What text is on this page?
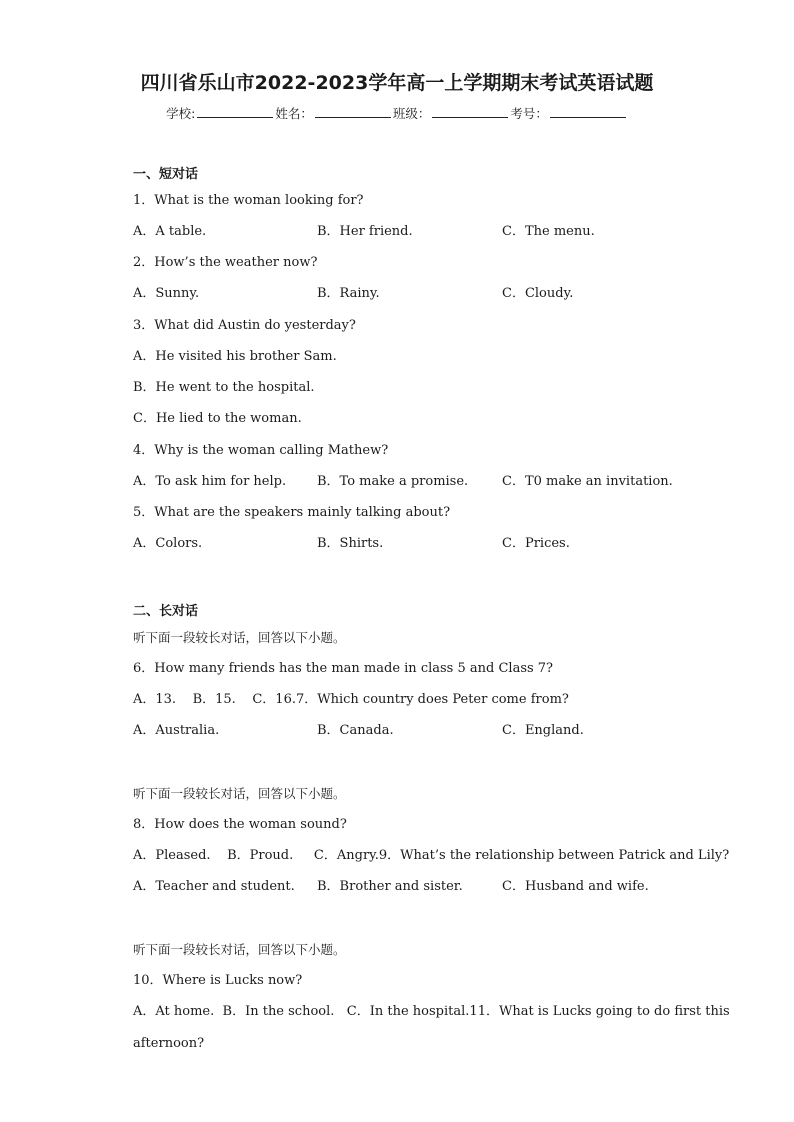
四川省乐山市2022-2023学年高一上学期期末考试英语试题
学校:	姓名：	班级：	考号：
一、短对话
1．What is the woman looking for?
A．A table.	B．Her friend.	C．The menu.
2．How’s the weather now?
A．Sunny.	B．Rainy.	C．Cloudy.
3．What did Austin do yesterday?
A．He visited his brother Sam.
B．He went to the hospital.
C．He lied to the woman.
4．Why is the woman calling Mathew?
A．To ask him for help. B．To make a promise.	C．T0 make an invitation.
5．What are the speakers mainly talking about?
A．Colors.	B．Shirts.	C．Prices.
二、长对话
听下面一段较长对话，回答以下小题。
6．How many friends has the man made in class 5 and Class 7?
A．13.    B．15.    C．16.7．Which country does Peter come from?
A．Australia.	B．Canada.	C．England.
听下面一段较长对话，回答以下小题。
8．How does the woman sound?
A．Pleased.    B．Proud.     C．Angry.9．What’s the relationship between Patrick and Lily?
A．Teacher and student. B．Brother and sister.	C．Husband and wife.
听下面一段较长对话，回答以下小题。
10．Where is Lucks now?
A．At home.  B．In the school.   C．In the hospital.11．What is Lucks going to do first this
afternoon?
